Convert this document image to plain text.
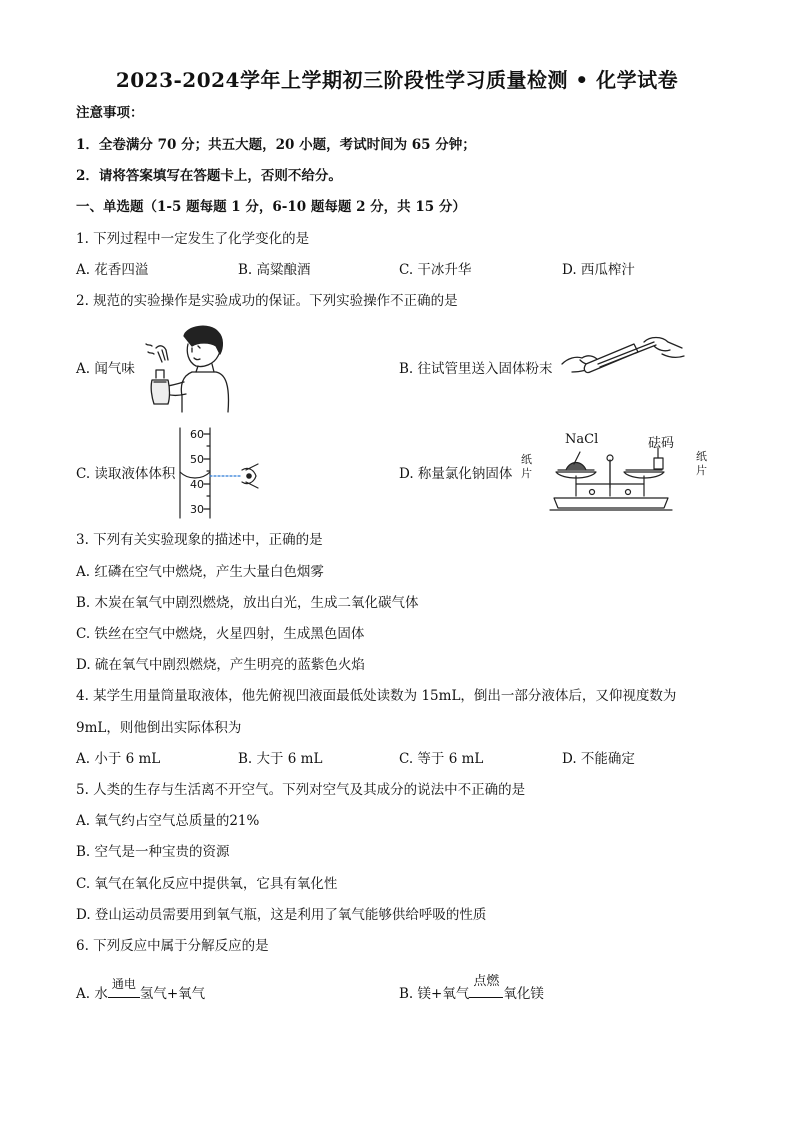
2023-2024学年上学期初三阶段性学习质量检测 • 化学试卷
注意事项：
1．全卷满分 70 分；共五大题，20 小题，考试时间为 65 分钟；
2．请将答案填写在答题卡上，否则不给分。
一、单选题（1-5 题每题 1 分，6-10 题每题 2 分，共 15 分）
1. 下列过程中一定发生了化学变化的是
A. 花香四溢	B. 高粱酿酒	C. 干冰升华	D. 西瓜榨汁
2. 规范的实验操作是实验成功的保证。下列实验操作不正确的是
A. 闻气味	B. 往试管里送入固体粉末
60
50
40
30
C. 读取液体体积	D. 称量氯化钠固体
NaCl	砝码
纸
片
纸
片
3. 下列有关实验现象的描述中，正确的是
A. 红磷在空气中燃烧，产生大量白色烟雾
B. 木炭在氧气中剧烈燃烧，放出白光，生成二氧化碳气体
C. 铁丝在空气中燃烧，火星四射，生成黑色固体
D. 硫在氧气中剧烈燃烧，产生明亮的蓝紫色火焰
4. 某学生用量筒量取液体，他先俯视凹液面最低处读数为 15mL，倒出一部分液体后，又仰视度数为
9mL，则他倒出实际体积为
A. 小于 6 mL	B. 大于 6 mL	C. 等于 6 mL	D. 不能确定
5. 人类的生存与生活离不开空气。下列对空气及其成分的说法中不正确的是
A. 氧气约占空气总质量的21%
B. 空气是一种宝贵的资源
C. 氧气在氧化反应中提供氧，它具有氧化性
D. 登山运动员需要用到氧气瓶，这是利用了氧气能够供给呼吸的性质
6. 下列反应中属于分解反应的是
A. 水
通电
氢气+氧气	B. 镁+氧气
点燃
氧化镁
